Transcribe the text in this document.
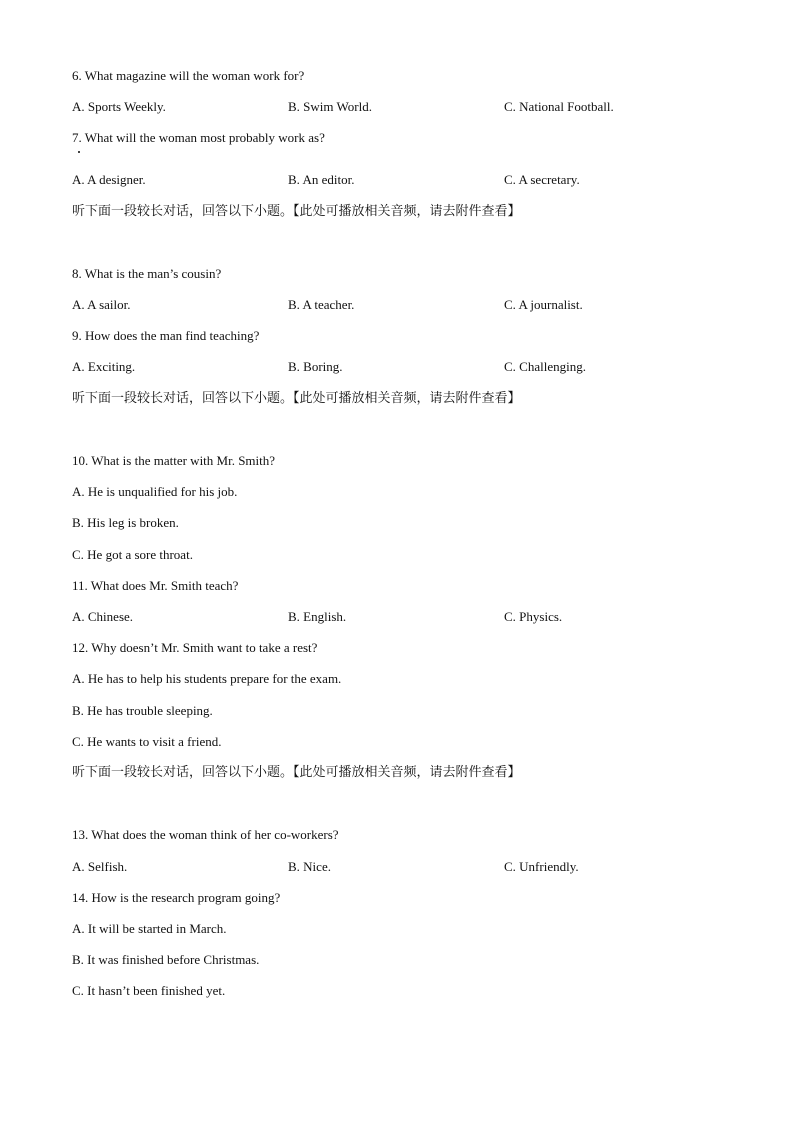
6. What magazine will the woman work for?
A. Sports Weekly.	B. Swim World.	C. National Football.
7. What will the woman most probably work as?
A. A designer.	B. An editor.	C. A secretary.
听下面一段较长对话，回答以下小题。【此处可播放相关音频，请去附件查看】
8. What is the man’s cousin?
A. A sailor.	B. A teacher.	C. A journalist.
9. How does the man find teaching?
A. Exciting.	B. Boring.	C. Challenging.
听下面一段较长对话，回答以下小题。【此处可播放相关音频，请去附件查看】
10. What is the matter with Mr. Smith?
A. He is unqualified for his job.
B. His leg is broken.
C. He got a sore throat.
11. What does Mr. Smith teach?
A. Chinese.	B. English.	C. Physics.
12. Why doesn’t Mr. Smith want to take a rest?
A. He has to help his students prepare for the exam.
B. He has trouble sleeping.
C. He wants to visit a friend.
听下面一段较长对话，回答以下小题。【此处可播放相关音频，请去附件查看】
13. What does the woman think of her co-workers?
A. Selfish.	B. Nice.	C. Unfriendly.
14. How is the research program going?
A. It will be started in March.
B. It was finished before Christmas.
C. It hasn’t been finished yet.
